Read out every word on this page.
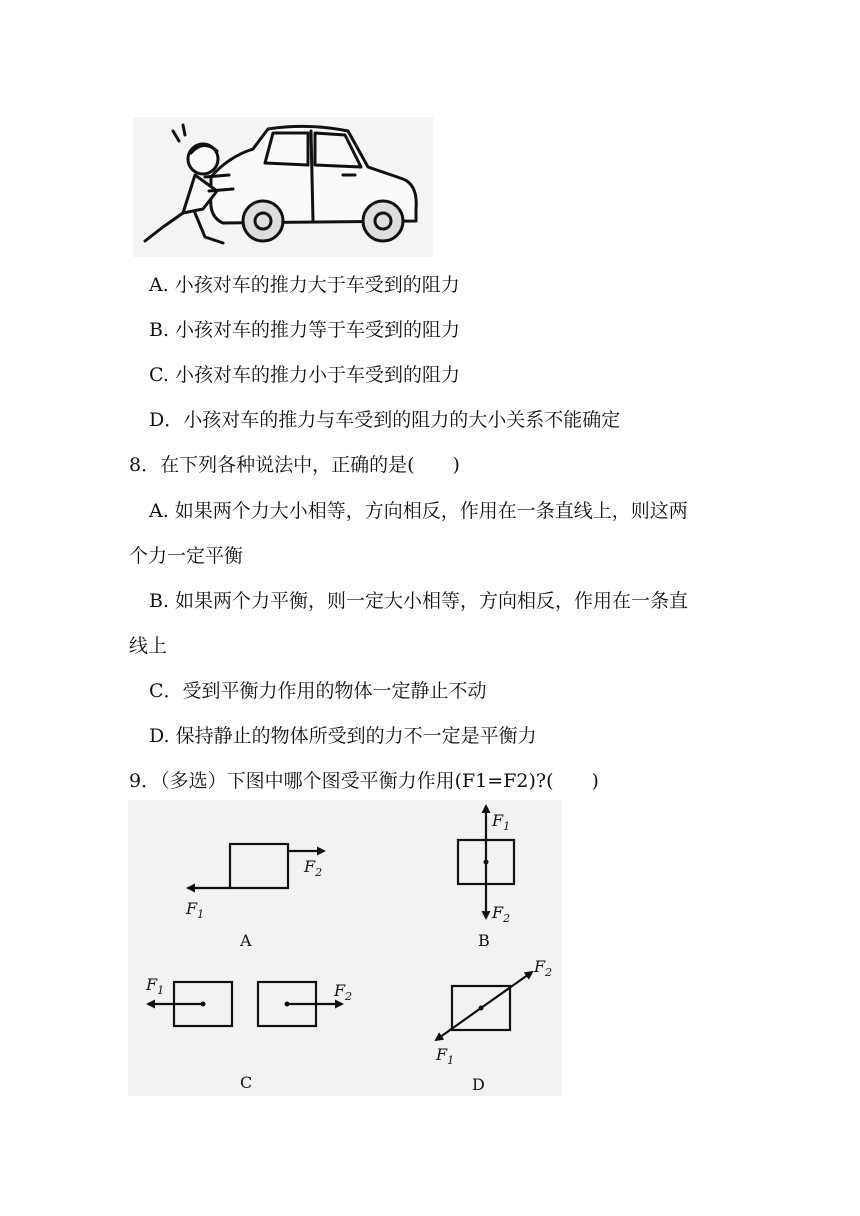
A. 小孩对车的推力大于车受到的阻力
B. 小孩对车的推力等于车受到的阻力
C. 小孩对车的推力小于车受到的阻力
D．小孩对车的推力与车受到的阻力的大小关系不能确定
8．在下列各种说法中，正确的是(　　)
A. 如果两个力大小相等，方向相反，作用在一条直线上，则这两
个力一定平衡
B. 如果两个力平衡，则一定大小相等，方向相反，作用在一条直
线上
C．受到平衡力作用的物体一定静止不动
D. 保持静止的物体所受到的力不一定是平衡力
9．（多选）下图中哪个图受平衡力作用(F1=F2)?(　　)
$F_2$
$F_1$
A
$F_1$
$F_2$
B
$F_1$	$F_2$
C
$F_2$
$F_1$
D
